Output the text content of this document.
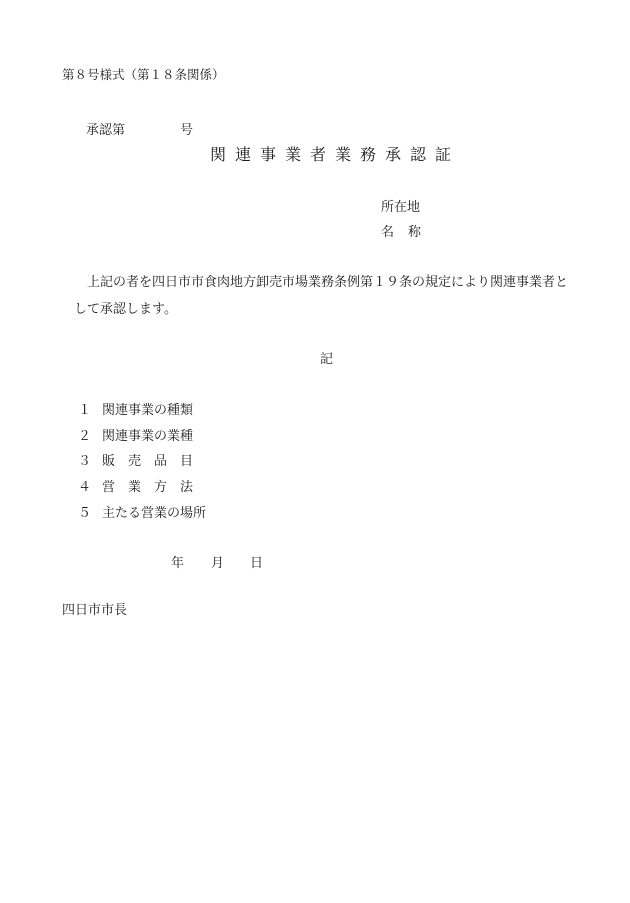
第８号様式（第１８条関係）
承認第	号
関連事業者業務承認証
所在地
名称
上記の者を四日市市食肉地方卸売市場業務条例第１９条の規定により関連事業者と
して承認します。
記
１ 関連事業の種類
２ 関連事業の業種
３ 販売品目
４ 営業方法
５ 主たる営業の場所
年 月 日
四日市市長
